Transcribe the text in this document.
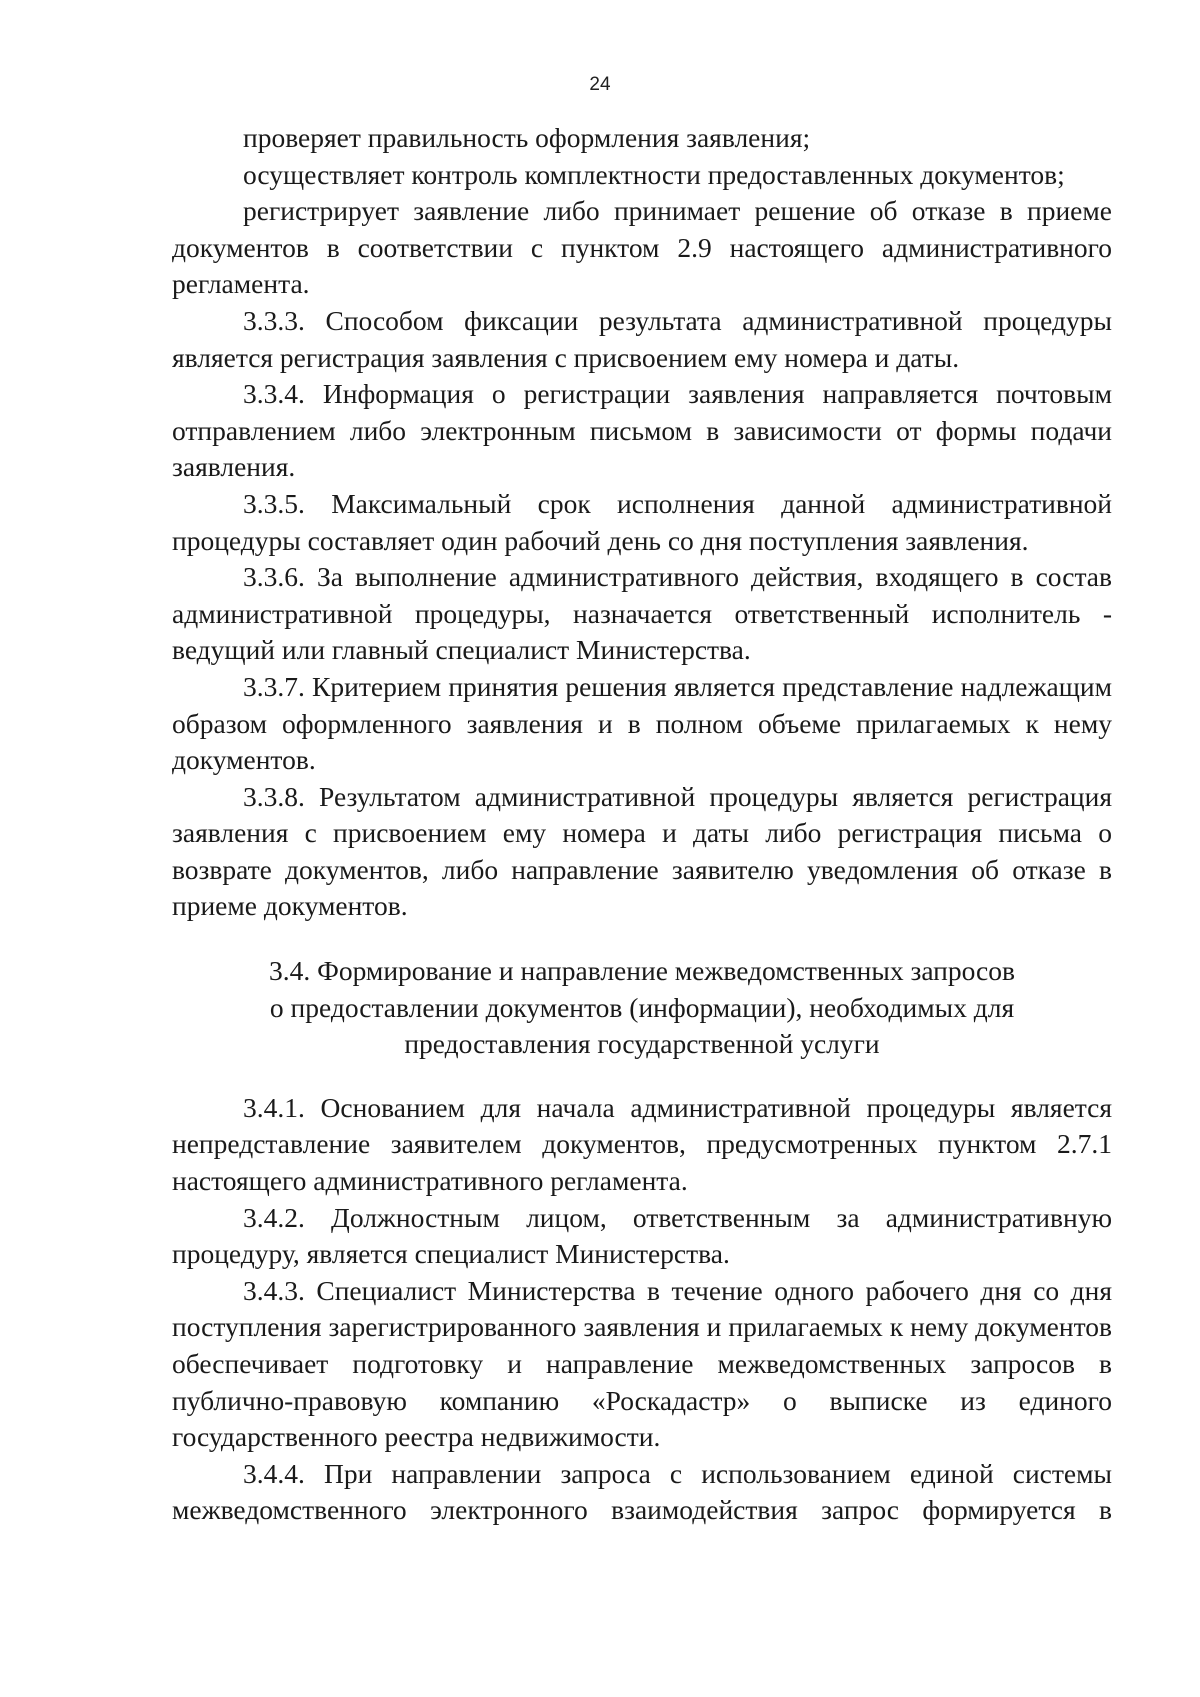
24

проверяет правильность оформления заявления;

осуществляет контроль комплектности предоставленных документов;

регистрирует заявление либо принимает решение об отказе в приеме документов в соответствии с пунктом 2.9 настоящего административного регламента.

3.3.3. Способом фиксации результата административной процедуры является регистрация заявления с присвоением ему номера и даты.

3.3.4. Информация о регистрации заявления направляется почтовым отправлением либо электронным письмом в зависимости от формы подачи заявления.

3.3.5. Максимальный срок исполнения данной административной процедуры составляет один рабочий день со дня поступления заявления.

3.3.6. За выполнение административного действия, входящего в состав административной процедуры, назначается ответственный исполнитель - ведущий или главный специалист Министерства.

3.3.7. Критерием принятия решения является представление надлежащим образом оформленного заявления и в полном объеме прилагаемых к нему документов.

3.3.8. Результатом административной процедуры является регистрация заявления с присвоением ему номера и даты либо регистрация письма о возврате документов, либо направление заявителю уведомления об отказе в приеме документов.

3.4. Формирование и направление межведомственных запросов
о предоставлении документов (информации), необходимых для
предоставления государственной услуги

3.4.1. Основанием для начала административной процедуры является непредставление заявителем документов, предусмотренных пунктом 2.7.1 настоящего административного регламента.

3.4.2. Должностным лицом, ответственным за административную процедуру, является специалист Министерства.

3.4.3. Специалист Министерства в течение одного рабочего дня со дня поступления зарегистрированного заявления и прилагаемых к нему документов обеспечивает подготовку и направление межведомственных запросов в публично-правовую компанию «Роскадастр» о выписке из единого государственного реестра недвижимости.

3.4.4. При направлении запроса с использованием единой системы межведомственного электронного взаимодействия запрос формируется в
